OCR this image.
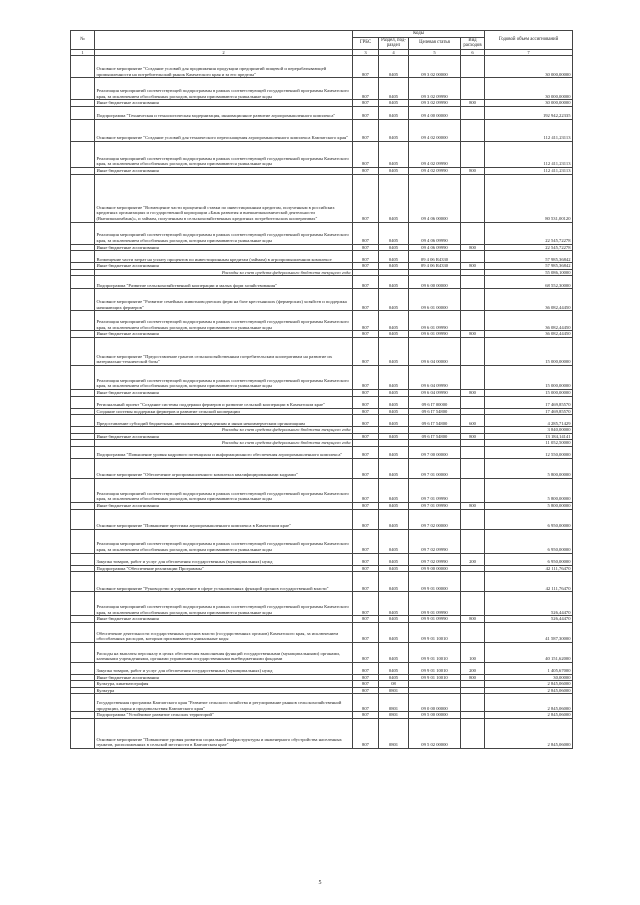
№		Коды				Годовой объем ассигнований
		ГРБС	Раздел, под-раздел	Целевая статья	Вид расходов	
1	2	3	4	5	6	7
	Основное мероприятие "Создание условий для продвижения продукции предприятий пищевой и перерабатывающей промышленности на потребительский рынок Камчатского края и за его пределы"	807	0405	09 3 02 00000		30 000,00000
	Реализация мероприятий соответствующей подпрограммы в рамках соответствующей государственной программы Камчатского края, за исключением обособленных расходов, которым присваиваются уникальные коды	807	0405	09 3 02 09990		30 000,00000
	Иные бюджетные ассигнования	807	0405	09 3 02 09990	800	30 000,00000
	Подпрограмма "Техническая и технологическая модернизация, инновационное развитие агропромышленного комплекса"	807	0405	09 4 00 00000		192 942,22335
	Основное мероприятие "Создание условий для технического переоснащения агропромышленного комплекса Камчатского края"	807	0405	09 4 02 00000		112 411,23113
	Реализация мероприятий соответствующей подпрограммы в рамках соответствующей государственной программы Камчатского края, за исключением обособленных расходов, которым присваиваются уникальные коды	807	0405	09 4 02 09990		112 411,23113
	Иные бюджетные ассигнования	807	0405	09 4 02 09990	800	112 411,23113
	Основное мероприятие "Возмещение части процентной ставки по инвестиционным кредитам, полученным в российских кредитных организациях и государственной корпорации «Банк развития и внешнеэкономической деятельности (Внешэкономбанк)», и займам, полученным в сельскохозяйственных кредитных потребительских кооперативах"	807	0405	09 4 06 00000		80 531,00120
	Реализация мероприятий соответствующей подпрограммы в рамках соответствующей государственной программы Камчатского края, за исключением обособленных расходов, которым присваиваются уникальные коды	807	0405	09 4 06 09990		22 545,72278
	Иные бюджетные ассигнования	807	0405	09 4 06 09990	800	22 545,72278
	Возмещение части затрат на уплату процентов по инвестиционным кредитам (займам) в агропромышленном комплексе	807	0405	09 4 06 R4330		57 985,36842
	Иные бюджетные ассигнования	807	0405	09 4 06 R4330	800	57 985,36842
	Расходы за счет средств федерального бюджета текущего года					55 086,10000
	Подпрограмма "Развитие сельскохозяйственной кооперации и малых форм хозяйствования"	807	0405	09 6 00 00000		68 552,30000
	Основное мероприятие "Развитие семейных животноводческих ферм на базе крестьянских (фермерских) хозяйств и поддержка начинающих фермеров"	807	0405	09 6 01 00000		36 082,44450
	Реализация мероприятий соответствующей подпрограммы в рамках соответствующей государственной программы Камчатского края, за исключением обособленных расходов, которым присваиваются уникальные коды	807	0405	09 6 01 09990		36 082,44450
	Иные бюджетные ассигнования	807	0405	09 6 01 09990	800	36 082,44450
	Основное мероприятие "Предоставление грантов сельскохозяйственным потребительским кооперативам на развитие их материально-технической базы"	807	0405	09 6 04 00000		15 000,00000
	Реализация мероприятий соответствующей подпрограммы в рамках соответствующей государственной программы Камчатского края, за исключением обособленных расходов, которым присваиваются уникальные коды	807	0405	09 6 04 09990		15 000,00000
	Иные бюджетные ассигнования	807	0405	09 6 04 09990	800	15 000,00000
	Региональный проект "Создание системы поддержки фермеров и развитие сельской кооперации в Камчатском крае"	807	0405	09 6 I7 00000		17 469,85570
	Создание системы поддержки фермеров и развитие сельской кооперации	807	0405	09 6 I7 54800		17 469,85570
	Предоставление субсидий бюджетным, автономным учреждениям и иным некоммерческим организациям	807	0405	09 6 I7 54800	600	4 285,71429
	Расходы за счет средств федерального бюджета текущего года					3 840,00000
	Иные бюджетные ассигнования	807	0405	09 6 I7 54800	800	13 184,14141
	Расходы за счет средств федерального бюджета текущего года					11 052,50000
	Подпрограмма "Повышение уровня кадрового потенциала и информационного обеспечения агропромышленного комплекса"	807	0405	09 7 00 00000		12 550,00000
	Основное мероприятие "Обеспечение агропромышленного комплекса квалифицированными кадрами"	807	0405	09 7 01 00000		5 800,00000
	Реализация мероприятий соответствующей подпрограммы в рамках соответствующей государственной программы Камчатского края, за исключением обособленных расходов, которым присваиваются уникальные коды	807	0405	09 7 01 09990		5 800,00000
	Иные бюджетные ассигнования	807	0405	09 7 01 09990	800	5 800,00000
	Основное мероприятие "Повышение престижа агропромышленного комплекса в Камчатском крае"	807	0405	09 7 02 00000		6 950,00000
	Реализация мероприятий соответствующей подпрограммы в рамках соответствующей государственной программы Камчатского края, за исключением обособленных расходов, которым присваиваются уникальные коды	807	0405	09 7 02 09990		6 950,00000
	Закупка товаров, работ и услуг для обеспечения государственных (муниципальных) нужд	807	0405	09 7 02 09990	200	6 950,00000
	Подпрограмма "Обеспечение реализации Программы"	807	0405	09 9 00 00000		42 111,76470
	Основное мероприятие "Руководство и управление в сфере установленных функций органов государственной власти"	807	0405	09 9 01 00000		42 111,76470
	Реализация мероприятий соответствующей подпрограммы в рамках соответствующей государственной программы Камчатского края, за исключением обособленных расходов, которым присваиваются уникальные коды	807	0405	09 9 01 09990		526,44470
	Иные бюджетные ассигнования	807	0405	09 9 01 09990	800	526,44470
	Обеспечение деятельности государственных органов власти (государственных органов) Камчатского края, за исключением обособленных расходов, которым присваиваются уникальные коды	807	0405	09 9 01 10010		41 587,30000
	Расходы на выплаты персоналу в целях обеспечения выполнения функций государственными (муниципальными) органами, казенными учреждениями, органами управления государственными внебюджетными фондами	807	0405	09 9 01 10010	100	40 151,62000
	Закупка товаров, работ и услуг для обеспечения государственных (муниципальных) нужд	807	0405	09 9 01 10010	200	1 405,67000
	Иные бюджетные ассигнования	807	0405	09 9 01 10010	800	30,00000
	Культура, кинематография	807	08			2 845,06000
	Культура	807	0801			2 845,06000
	Государственная программа Камчатского края "Развитие сельского хозяйства и регулирование рынков сельскохозяйственной продукции, сырья и продовольствия Камчатского края"	807	0801	09 0 00 00000		2 845,06000
	Подпрограмма "Устойчивое развитие сельских территорий"	807	0801	09 5 00 00000		2 845,06000
	Основное мероприятие "Повышение уровня развития социальной инфраструктуры и инженерного обустройства населенных пунктов, расположенных в сельской местности в Камчатском крае"	807	0801	09 5 02 00000		2 845,06000
5
